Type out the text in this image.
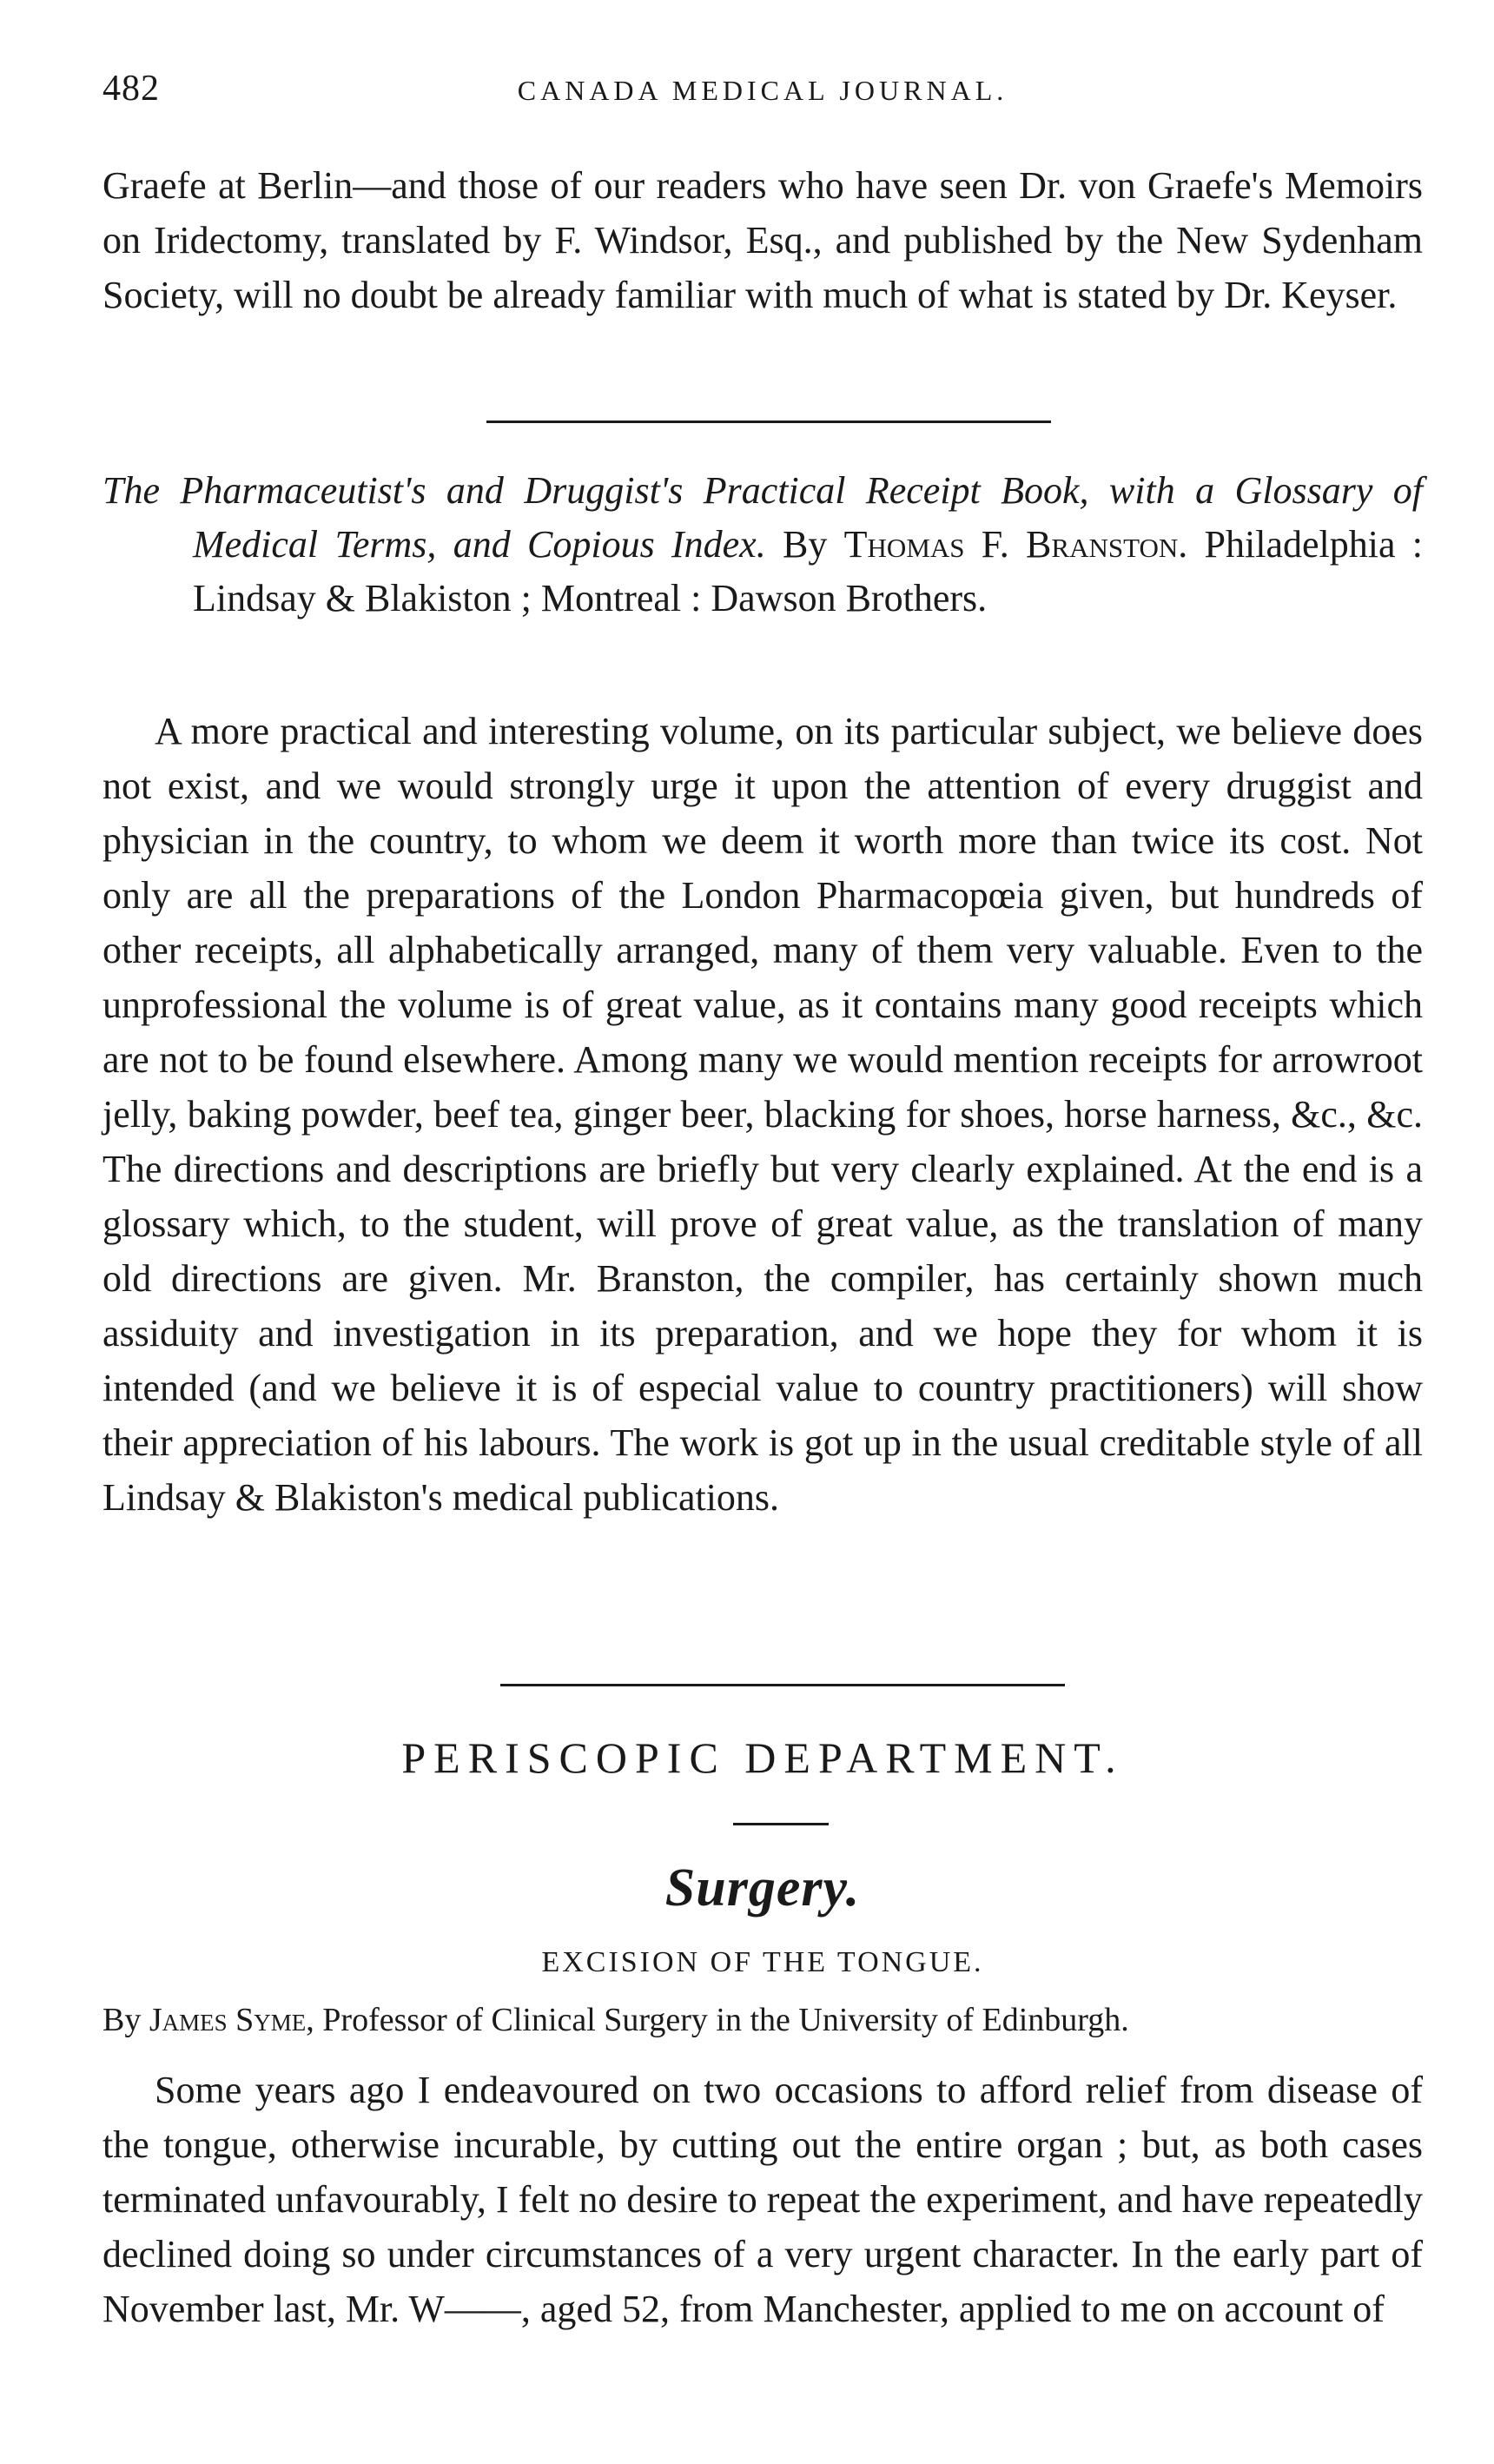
482	CANADA MEDICAL JOURNAL.

Graefe at Berlin—and those of our readers who have seen Dr. von Graefe's Memoirs on Iridectomy, translated by F. Windsor, Esq., and published by the New Sydenham Society, will no doubt be already familiar with much of what is stated by Dr. Keyser.

The Pharmaceutist's and Druggist's Practical Receipt Book, with a Glossary of Medical Terms, and Copious Index. By Thomas F. Branston. Philadelphia : Lindsay & Blakiston ; Montreal : Dawson Brothers.

A more practical and interesting volume, on its particular subject, we believe does not exist, and we would strongly urge it upon the attention of every druggist and physician in the country, to whom we deem it worth more than twice its cost. Not only are all the preparations of the London Pharmacopœia given, but hundreds of other receipts, all alphabetically arranged, many of them very valuable. Even to the unprofessional the volume is of great value, as it contains many good receipts which are not to be found elsewhere. Among many we would mention receipts for arrowroot jelly, baking powder, beef tea, ginger beer, blacking for shoes, horse harness, &c., &c. The directions and descriptions are briefly but very clearly explained. At the end is a glossary which, to the student, will prove of great value, as the translation of many old directions are given. Mr. Branston, the compiler, has certainly shown much assiduity and investigation in its preparation, and we hope they for whom it is intended (and we believe it is of especial value to country practitioners) will show their appreciation of his labours. The work is got up in the usual creditable style of all Lindsay & Blakiston's medical publications.

PERISCOPIC DEPARTMENT.
Surgery.
EXCISION OF THE TONGUE.
By James Syme, Professor of Clinical Surgery in the University of Edinburgh.

Some years ago I endeavoured on two occasions to afford relief from disease of the tongue, otherwise incurable, by cutting out the entire organ ; but, as both cases terminated unfavourably, I felt no desire to repeat the experiment, and have repeatedly declined doing so under circumstances of a very urgent character. In the early part of November last, Mr. W——, aged 52, from Manchester, applied to me on account of
